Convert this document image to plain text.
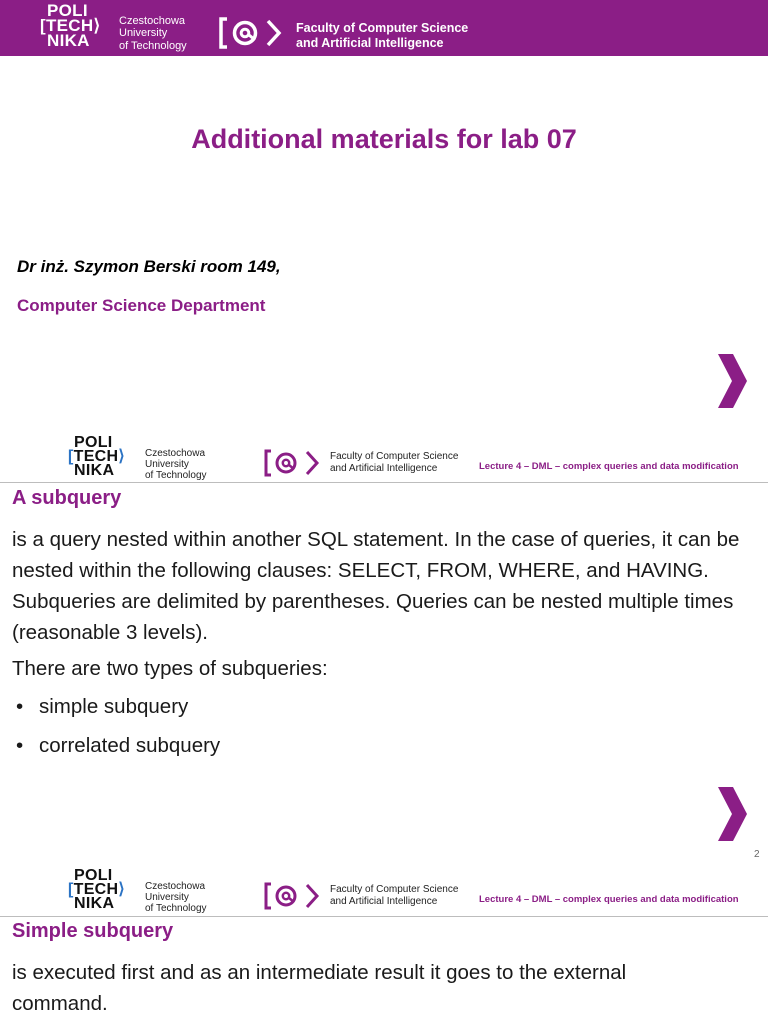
POLI
[TECH⟩
NIKA
Czestochowa
University
of Technology
Faculty of Computer Science
and Artificial Intelligence
Additional materials for lab 07
Dr inż. Szymon Berski room 149,
Computer Science Department
POLI
[TECH⟩
NIKA
Czestochowa
University
of Technology
Faculty of Computer Science
and Artificial Intelligence	Lecture 4 – DML – complex queries and data modification
A subquery
is a query nested within another SQL statement. In the case of queries, it can be nested within the following clauses: SELECT, FROM, WHERE, and HAVING. Subqueries are delimited by parentheses. Queries can be nested multiple times (reasonable 3 levels).
There are two types of subqueries:
• simple subquery
• correlated subquery
2
POLI
[TECH⟩
NIKA
Czestochowa
University
of Technology
Faculty of Computer Science
and Artificial Intelligence	Lecture 4 – DML – complex queries and data modification
Simple subquery
is executed first and as an intermediate result it goes to the external command.
